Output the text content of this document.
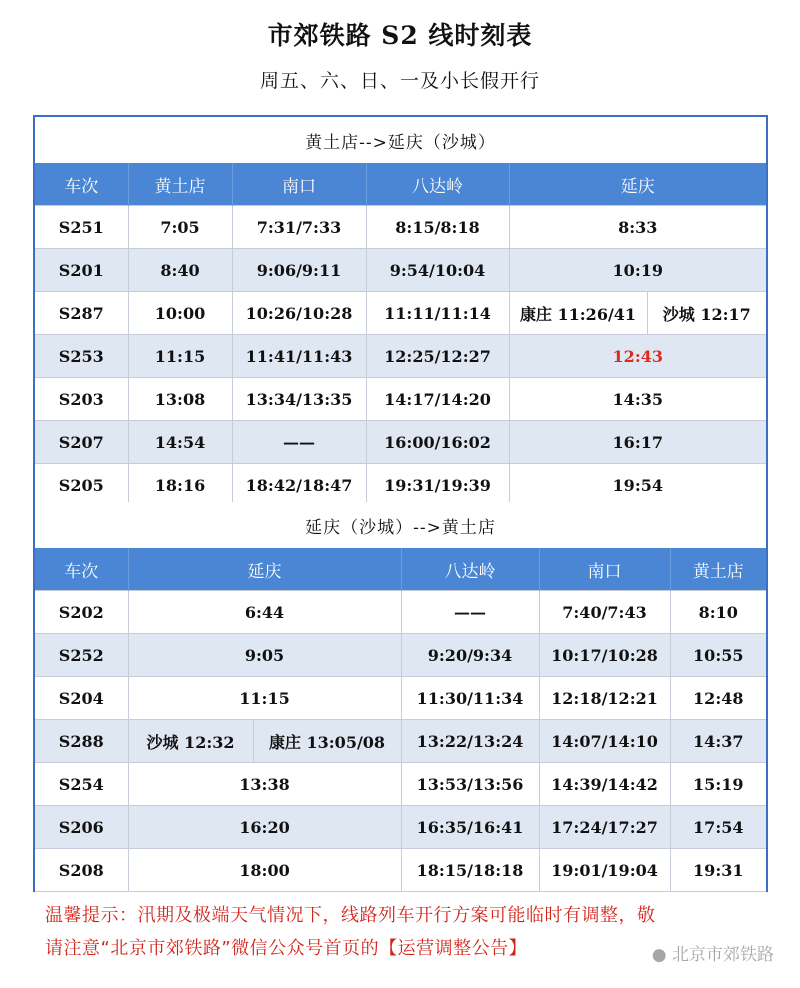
市郊铁路 S2 线时刻表
周五、六、日、一及小长假开行
黄土店-->延庆（沙城）					
车次	黄土店	南口	八达岭	延庆	
S251	7:05	7:31/7:33	8:15/8:18	8:33	
S201	8:40	9:06/9:11	9:54/10:04	10:19	
S287	10:00	10:26/10:28	11:11/11:14	康庄 11:26/41	沙城 12:17
S253	11:15	11:41/11:43	12:25/12:27	12:43	
S203	13:08	13:34/13:35	14:17/14:20	14:35	
S207	14:54	——	16:00/16:02	16:17	
S205	18:16	18:42/18:47	19:31/19:39	19:54	
延庆（沙城）-->黄土店					
车次	延庆		八达岭	南口	黄土店
S202	6:44		——	7:40/7:43	8:10
S252	9:05		9:20/9:34	10:17/10:28	10:55
S204	11:15		11:30/11:34	12:18/12:21	12:48
S288	沙城 12:32	康庄 13:05/08	13:22/13:24	14:07/14:10	14:37
S254	13:38		13:53/13:56	14:39/14:42	15:19
S206	16:20		16:35/16:41	17:24/17:27	17:54
S208	18:00		18:15/18:18	19:01/19:04	19:31
温馨提示：汛期及极端天气情况下，线路列车开行方案可能临时有调整，敬
请注意“北京市郊铁路”微信公众号首页的【运营调整公告】	● 北京市郊铁路
